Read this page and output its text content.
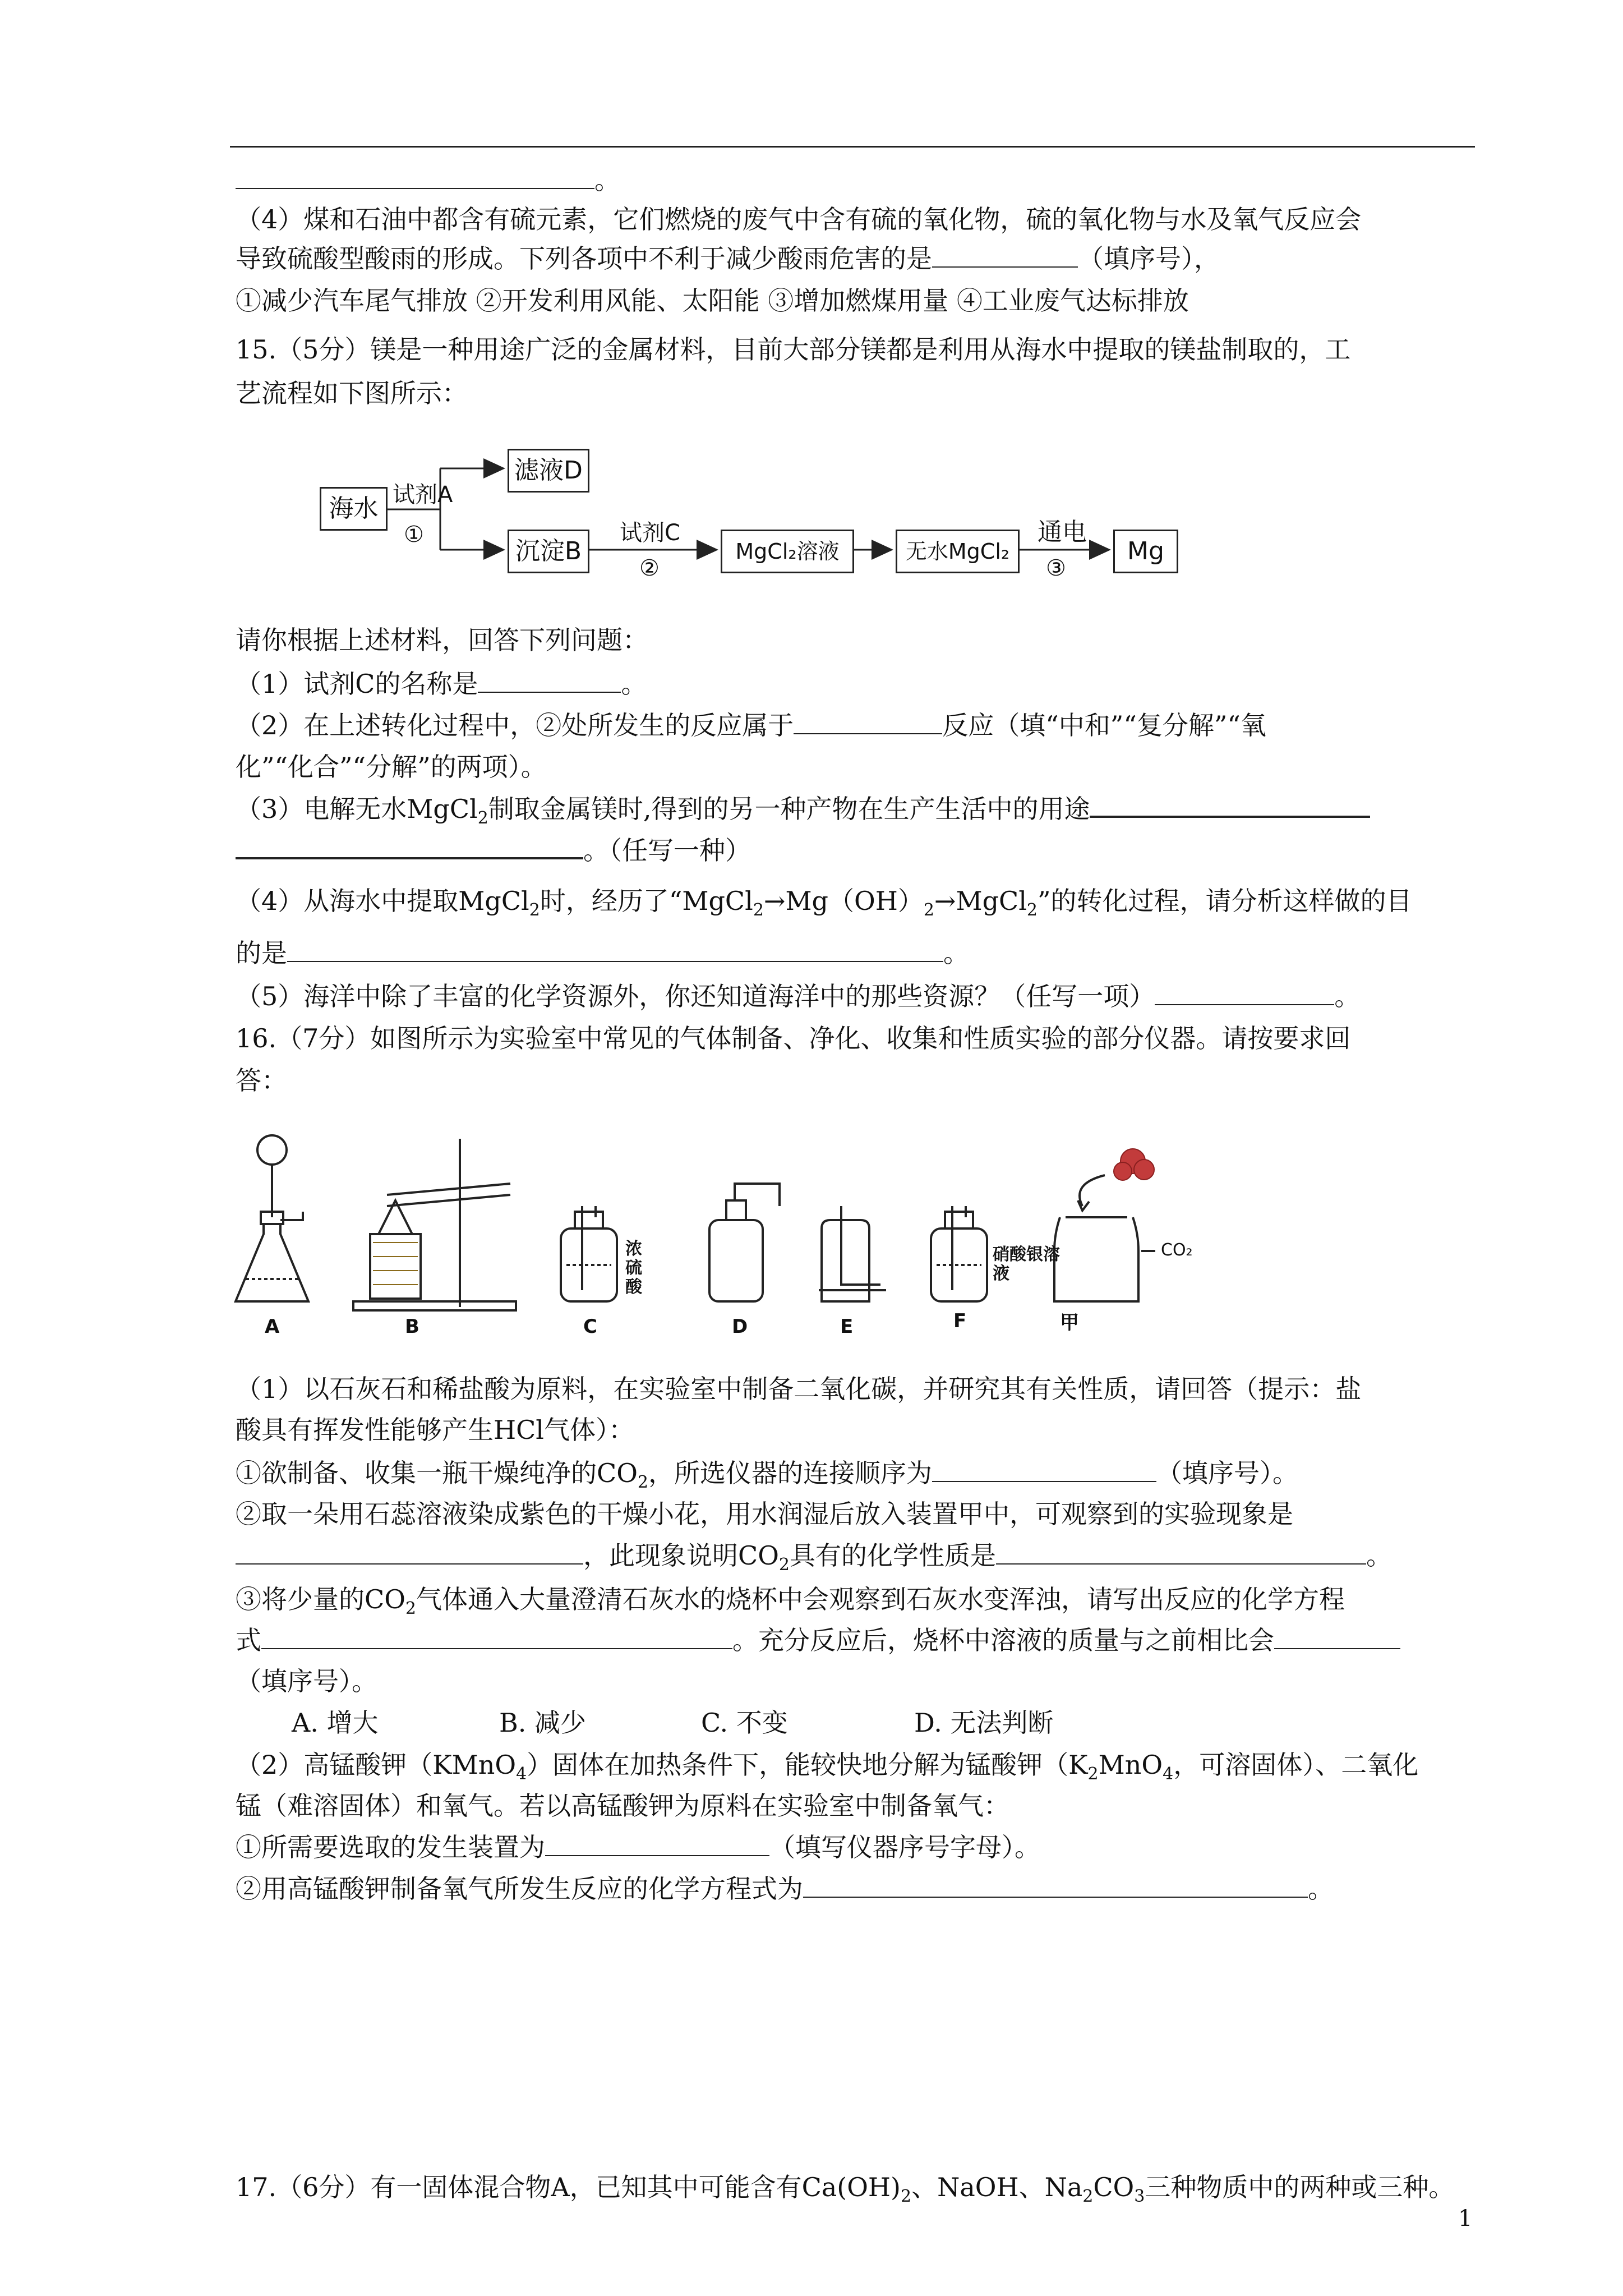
。
（4）煤和石油中都含有硫元素，它们燃烧的废气中含有硫的氧化物，硫的氧化物与水及氧气反应会
导致硫酸型酸雨的形成。下列各项中不利于减少酸雨危害的是	（填序号），
①减少汽车尾气排放 ②开发利用风能、太阳能 ③增加燃煤用量 ④工业废气达标排放
15.（5分）镁是一种用途广泛的金属材料，目前大部分镁都是利用从海水中提取的镁盐制取的，工
艺流程如下图所示：
海水
滤液D
沉淀B	MgCl₂溶液	无水MgCl₂	Mg
试剂A
①	试剂C
②
通电
③
请你根据上述材料，回答下列问题：
（1）试剂C的名称是	。
（2）在上述转化过程中，②处所发生的反应属于	反应（填“中和”“复分解”“氧
化”“化合”“分解”的两项）。
（3）电解无水MgCl$_2$制取金属镁时,得到的另一种产物在生产生活中的用途
。（任写一种）
（4）从海水中提取MgCl$_2$时，经历了“$MgCl_2\to Mg(OH)_2\to MgCl_2$”的转化过程，请分析这样做的目
的是	。
（5）海洋中除了丰富的化学资源外，你还知道海洋中的那些资源？（任写一项）	。
16.（7分）如图所示为实验室中常见的气体制备、净化、收集和性质实验的部分仪器。请按要求回
答：
A	B	C	D	E	F	甲
浓硫酸
硝酸银溶液
CO₂
（1）以石灰石和稀盐酸为原料，在实验室中制备二氧化碳，并研究其有关性质，请回答（提示：盐
酸具有挥发性能够产生HCl气体）：
①欲制备、收集一瓶干燥纯净的$CO_2$，所选仪器的连接顺序为	（填序号）。
②取一朵用石蕊溶液染成紫色的干燥小花，用水润湿后放入装置甲中，可观察到的实验现象是
，此现象说明$CO_2$具有的化学性质是	。
③将少量的$CO_2$气体通入大量澄清石灰水的烧杯中会观察到石灰水变浑浊，请写出反应的化学方程
式	。充分反应后，烧杯中溶液的质量与之前相比会
（填序号）。
A. 增大	B. 减少	C. 不变	D. 无法判断
（2）高锰酸钾（KMnO$_4$）固体在加热条件下，能较快地分解为锰酸钾（$K_2MnO_4$，可溶固体）、二氧化
锰（难溶固体）和氧气。若以高锰酸钾为原料在实验室中制备氧气：
①所需要选取的发生装置为	（填写仪器序号字母）。
②用高锰酸钾制备氧气所发生反应的化学方程式为	。
17.（6分）有一固体混合物A，已知其中可能含有$Ca(OH)_2$、NaOH、$Na_2CO_3$三种物质中的两种或三种。
1
